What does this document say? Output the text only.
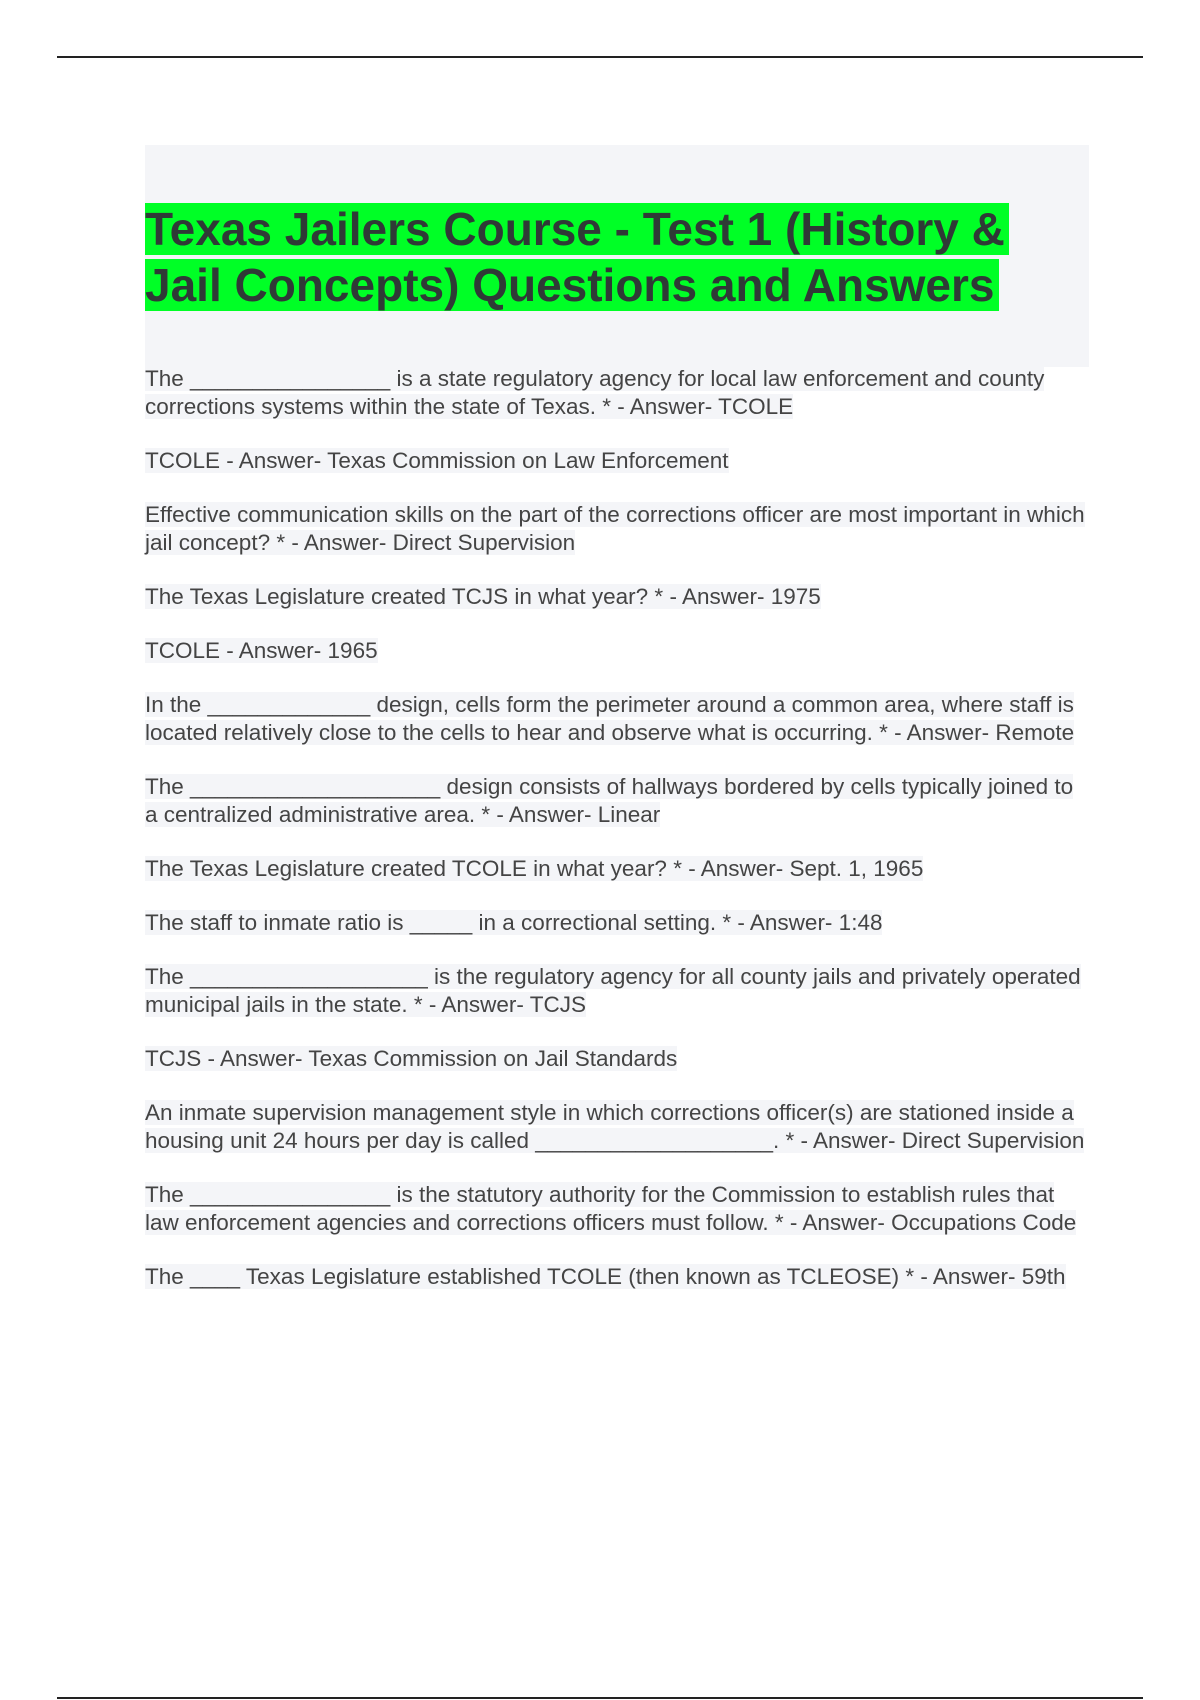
Texas Jailers Course - Test 1 (History & Jail Concepts) Questions and Answers
The ________________ is a state regulatory agency for local law enforcement and county corrections systems within the state of Texas. * - Answer- TCOLE
TCOLE - Answer- Texas Commission on Law Enforcement
Effective communication skills on the part of the corrections officer are most important in which jail concept? * - Answer- Direct Supervision
The Texas Legislature created TCJS in what year? * - Answer- 1975
TCOLE - Answer- 1965
In the _____________ design, cells form the perimeter around a common area, where staff is located relatively close to the cells to hear and observe what is occurring. * - Answer- Remote
The ____________________ design consists of hallways bordered by cells typically joined to a centralized administrative area. * - Answer- Linear
The Texas Legislature created TCOLE in what year? * - Answer- Sept. 1, 1965
The staff to inmate ratio is _____ in a correctional setting. * - Answer- 1:48
The ___________________ is the regulatory agency for all county jails and privately operated municipal jails in the state. * - Answer- TCJS
TCJS - Answer- Texas Commission on Jail Standards
An inmate supervision management style in which corrections officer(s) are stationed inside a housing unit 24 hours per day is called ___________________. * - Answer- Direct Supervision
The ________________ is the statutory authority for the Commission to establish rules that law enforcement agencies and corrections officers must follow. * - Answer- Occupations Code
The ____ Texas Legislature established TCOLE (then known as TCLEOSE) * - Answer- 59th
